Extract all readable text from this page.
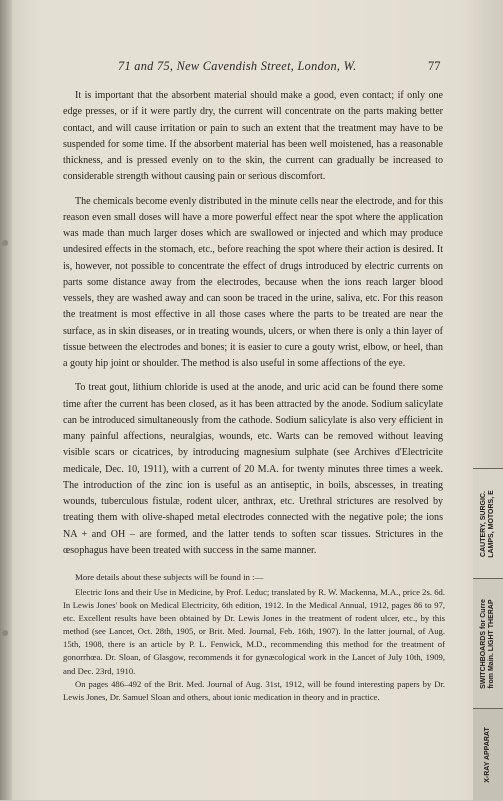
71 and 75, New Cavendish Street, London, W.	77

It is important that the absorbent material should make a good, even contact; if only one edge presses, or if it were partly dry, the current will concentrate on the parts making better contact, and will cause irritation or pain to such an extent that the treatment may have to be suspended for some time. If the absorbent material has been well moistened, has a reasonable thickness, and is pressed evenly on to the skin, the current can gradually be increased to considerable strength without causing pain or serious discomfort.

The chemicals become evenly distributed in the minute cells near the electrode, and for this reason even small doses will have a more powerful effect near the spot where the application was made than much larger doses which are swallowed or injected and which may produce undesired effects in the stomach, etc., before reaching the spot where their action is desired. It is, however, not possible to concentrate the effect of drugs introduced by electric currents on parts some distance away from the electrodes, because when the ions reach larger blood vessels, they are washed away and can soon be traced in the urine, saliva, etc. For this reason the treatment is most effective in all those cases where the parts to be treated are near the surface, as in skin diseases, or in treating wounds, ulcers, or when there is only a thin layer of tissue between the electrodes and bones; it is easier to cure a gouty wrist, elbow, or heel, than a gouty hip joint or shoulder. The method is also useful in some affections of the eye.

To treat gout, lithium chloride is used at the anode, and uric acid can be found there some time after the current has been closed, as it has been attracted by the anode. Sodium salicylate can be introduced simultaneously from the cathode. Sodium salicylate is also very efficient in many painful affections, neuralgias, wounds, etc. Warts can be removed without leaving visible scars or cicatrices, by introducing magnesium sulphate (see Archives d'Electricite medicale, Dec. 10, 1911), with a current of 20 M.A. for twenty minutes three times a week. The introduction of the zinc ion is useful as an antiseptic, in boils, abscesses, in treating wounds, tuberculous fistulæ, rodent ulcer, anthrax, etc. Urethral strictures are resolved by treating them with olive-shaped metal electrodes connected with the negative pole; the ions NA + and OH – are formed, and the latter tends to soften scar tissues. Strictures in the œsophagus have been treated with success in the same manner.

More details about these subjects will be found in :—

Electric Ions and their Use in Medicine, by Prof. Leduc; translated by R. W. Mackenna, M.A., price 2s. 6d. In Lewis Jones' book on Medical Electricity, 6th edition, 1912. In the Medical Annual, 1912, pages 86 to 97, etc. Excellent results have been obtained by Dr. Lewis Jones in the treatment of rodent ulcer, etc., by this method (see Lancet, Oct. 28th, 1905, or Brit. Med. Journal, Feb. 16th, 1907). In the latter journal, of Aug. 15th, 1908, there is an article by P. L. Fenwick, M.D., recommending this method for the treatment of gonorrhœa. Dr. Sloan, of Glasgow, recommends it for gynæcological work in the Lancet of July 10th, 1909, and Dec. 23rd, 1910.

On pages 486–492 of the Brit. Med. Journal of Aug. 31st, 1912, will be found interesting papers by Dr. Lewis Jones, Dr. Samuel Sloan and others, about ionic medication in theory and in practice.

CAUTERY, SURGIC. LAMPS, MOTORS, E
SWITCHBOARDS for Curre from Main. LIGHT THERAP
X-RAY APPARAT
